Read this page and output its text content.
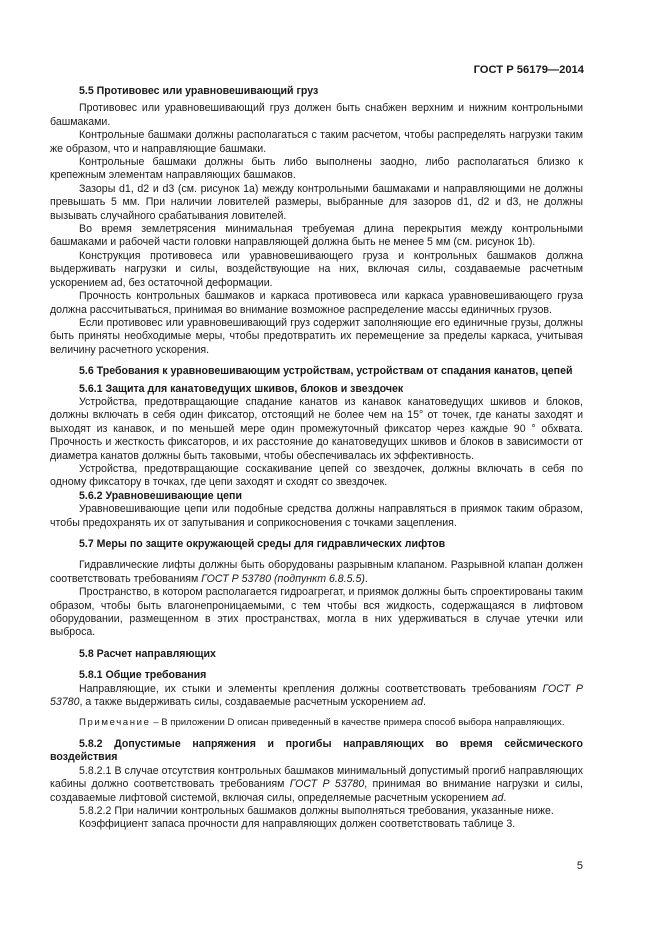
ГОСТ Р 56179—2014

5.5 Противовес или уравновешивающий груз

Противовес или уравновешивающий груз должен быть снабжен верхним и нижним контрольными башмаками.

Контрольные башмаки должны располагаться с таким расчетом, чтобы распределять нагрузки таким же образом, что и направляющие башмаки.

Контрольные башмаки должны быть либо выполнены заодно, либо располагаться близко к крепежным элементам направляющих башмаков.

Зазоры d1, d2 и d3 (см. рисунок 1a) между контрольными башмаками и направляющими не должны превышать 5 мм. При наличии ловителей размеры, выбранные для зазоров d1, d2 и d3, не должны вызывать случайного срабатывания ловителей.

Во время землетрясения минимальная требуемая длина перекрытия между контрольными башмаками и рабочей части головки направляющей должна быть не менее 5 мм (см. рисунок 1b).

Конструкция противовеса или уравновешивающего груза и контрольных башмаков должна выдерживать нагрузки и силы, воздействующие на них, включая силы, создаваемые расчетным ускорением ad, без остаточной деформации.

Прочность контрольных башмаков и каркаса противовеса или каркаса уравновешивающего груза должна рассчитываться, принимая во внимание возможное распределение массы единичных грузов.

Если противовес или уравновешивающий груз содержит заполняющие его единичные грузы, должны быть приняты необходимые меры, чтобы предотвратить их перемещение за пределы каркаса, учитывая величину расчетного ускорения.

5.6 Требования к уравновешивающим устройствам, устройствам от спадания канатов, цепей

5.6.1 Защита для канатоведущих шкивов, блоков и звездочек

Устройства, предотвращающие спадание канатов из канавок канатоведущих шкивов и блоков, должны включать в себя один фиксатор, отстоящий не более чем на 15° от точек, где канаты заходят и выходят из канавок, и по меньшей мере один промежуточный фиксатор через каждые 90 ° обхвата. Прочность и жесткость фиксаторов, и их расстояние до канатоведущих шкивов и блоков в зависимости от диаметра канатов должны быть таковыми, чтобы обеспечивалась их эффективность.

Устройства, предотвращающие соскакивание цепей со звездочек, должны включать в себя по одному фиксатору в точках, где цепи заходят и сходят со звездочек.

5.6.2 Уравновешивающие цепи

Уравновешивающие цепи или подобные средства должны направляться в приямок таким образом, чтобы предохранять их от запутывания и соприкосновения с точками зацепления.

5.7 Меры по защите окружающей среды для гидравлических лифтов

Гидравлические лифты должны быть оборудованы разрывным клапаном. Разрывной клапан должен соответствовать требованиям ГОСТ Р 53780 (подпункт 6.8.5.5).

Пространство, в котором располагается гидроагрегат, и приямок должны быть спроектированы таким образом, чтобы быть влагонепроницаемыми, с тем чтобы вся жидкость, содержащаяся в лифтовом оборудовании, размещенном в этих пространствах, могла в них удерживаться в случае утечки или выброса.

5.8 Расчет направляющих

5.8.1 Общие требования

Направляющие, их стыки и элементы крепления должны соответствовать требованиям ГОСТ Р 53780, а также выдерживать силы, создаваемые расчетным ускорением ad.

Примечание – В приложении D описан приведенный в качестве примера способ выбора направляющих.

5.8.2 Допустимые напряжения и прогибы направляющих во время сейсмического воздействия

5.8.2.1 В случае отсутствия контрольных башмаков минимальный допустимый прогиб направляющих кабины должно соответствовать требованиям ГОСТ Р 53780, принимая во внимание нагрузки и силы, создаваемые лифтовой системой, включая силы, определяемые расчетным ускорением ad.

5.8.2.2 При наличии контрольных башмаков должны выполняться требования, указанные ниже.

Коэффициент запаса прочности для направляющих должен соответствовать таблице 3.

5
